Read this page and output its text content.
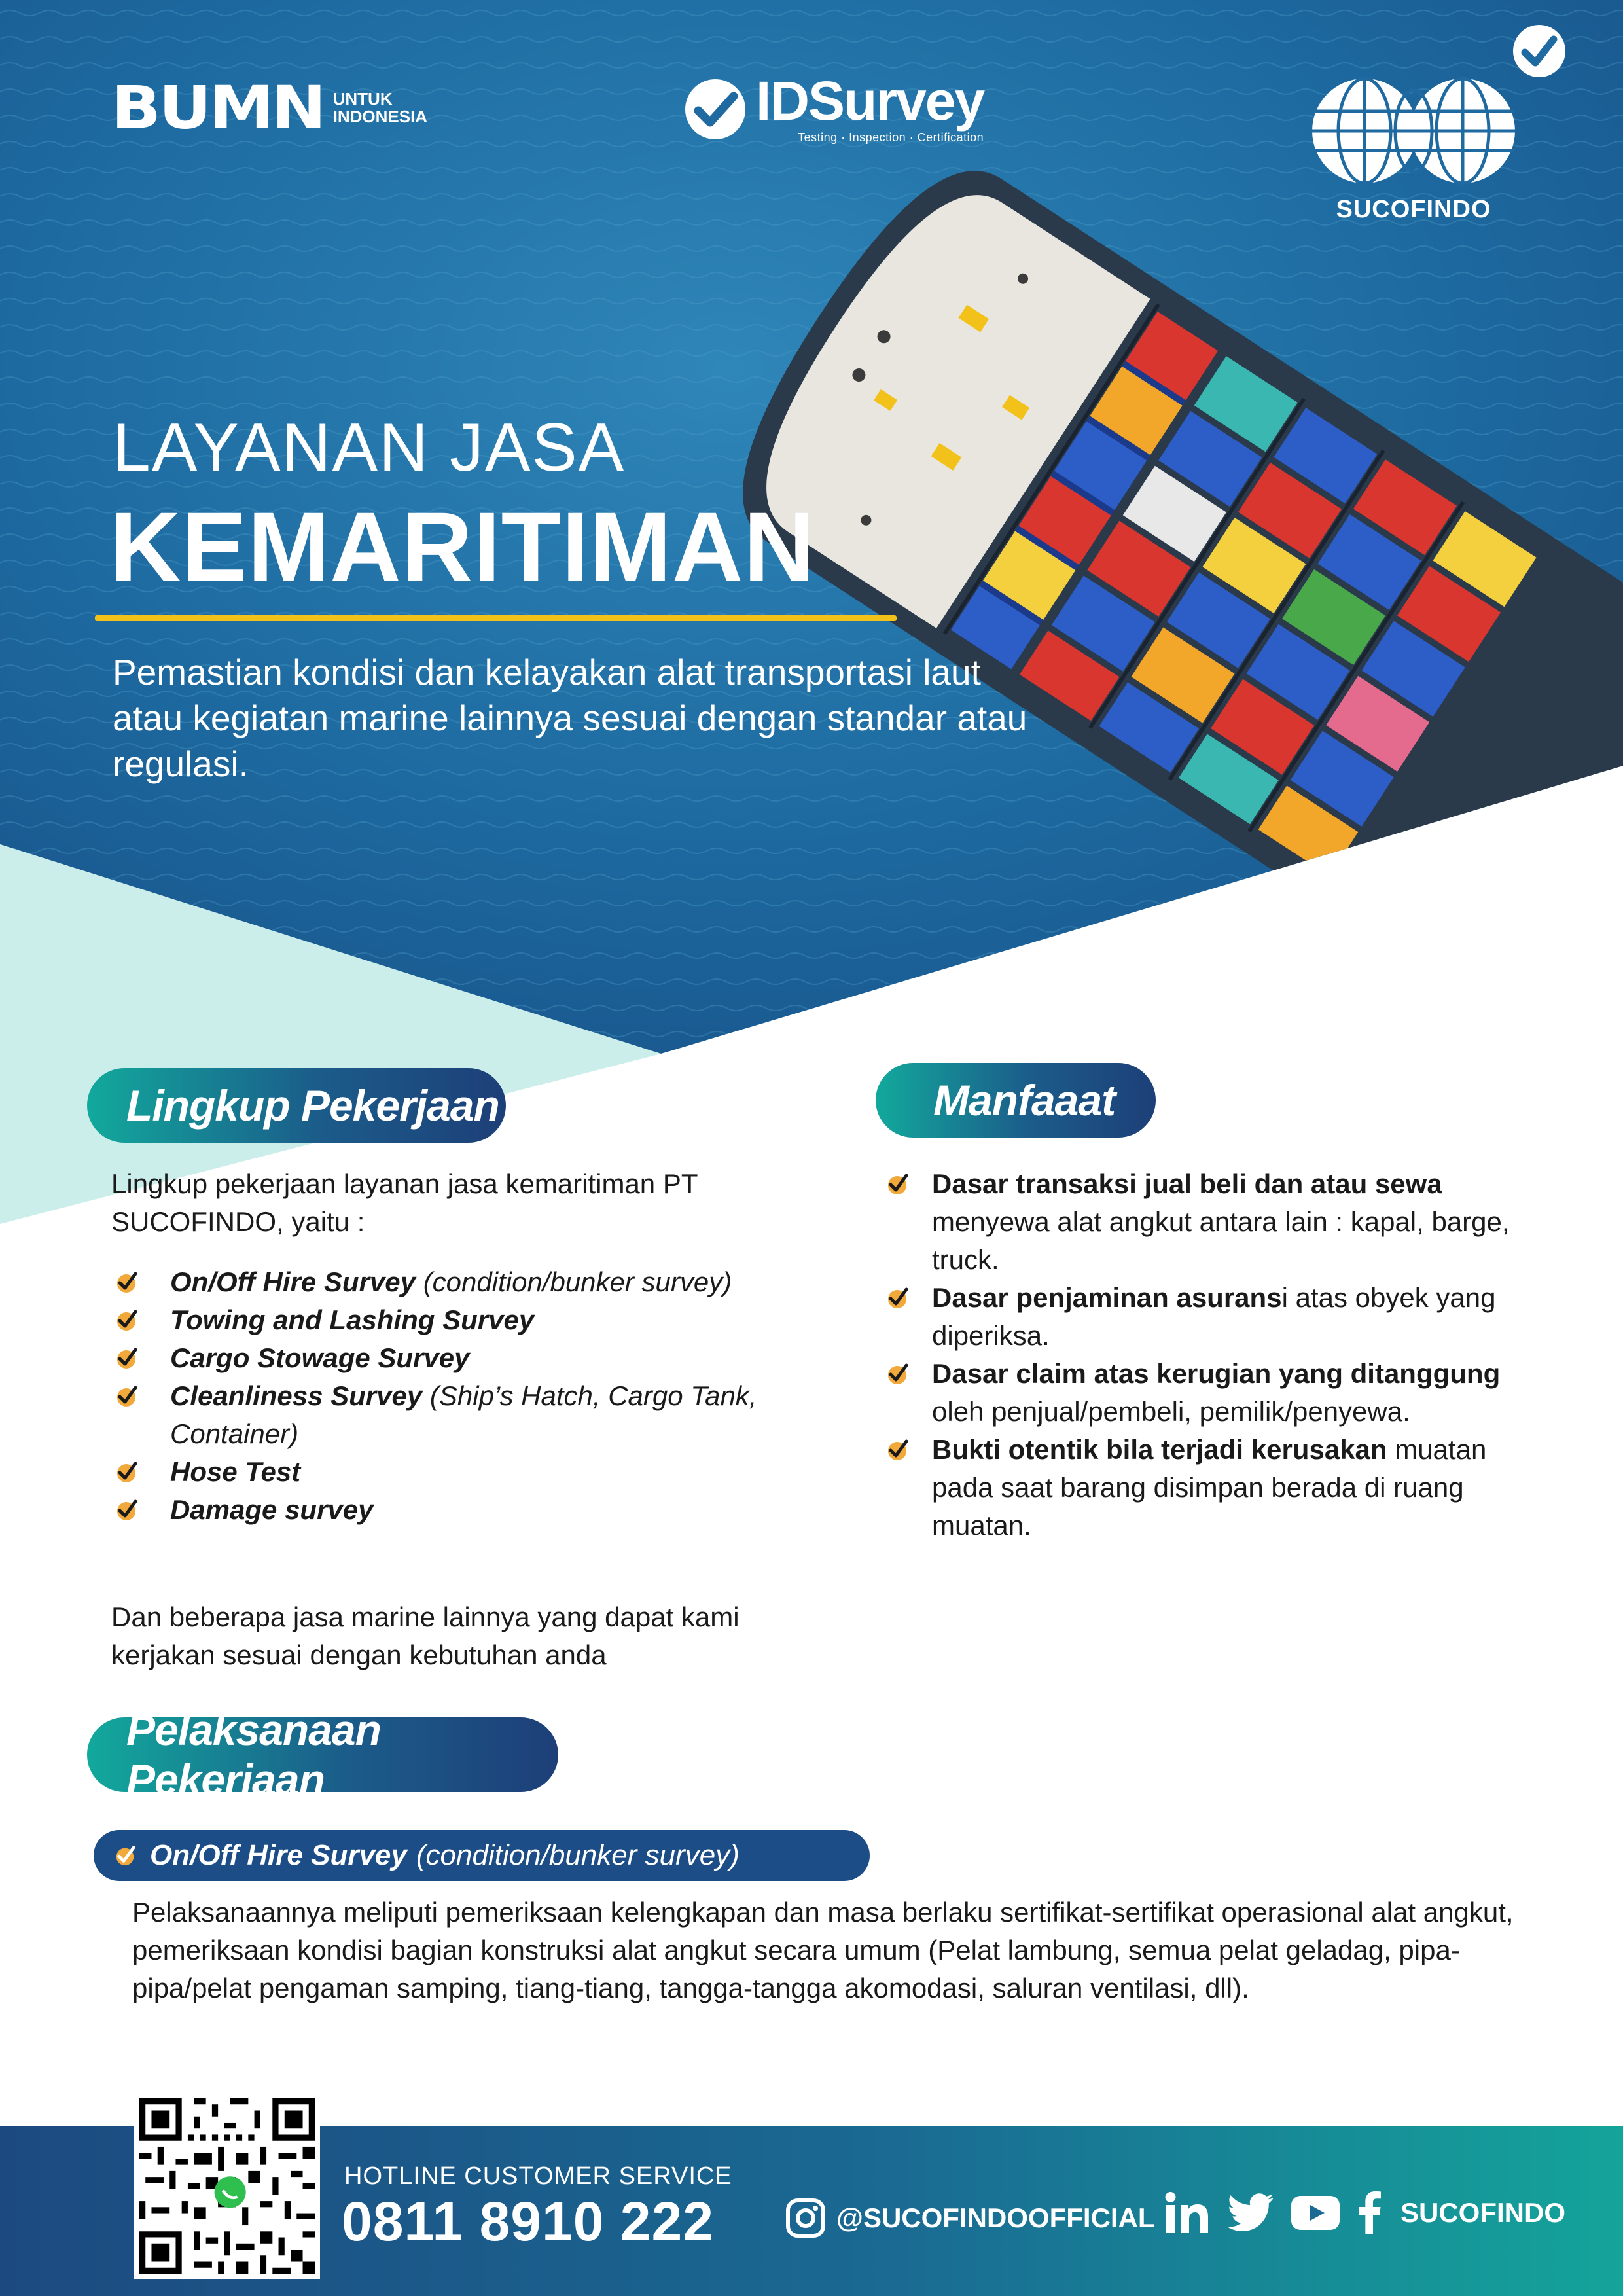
BUMN UNTUK
INDONESIA	IDSurvey
Testing · Inspection · Certification
SUCOFINDO
LAYANAN JASA
KEMARITIMAN
Pemastian kondisi dan kelayakan alat transportasi laut atau kegiatan marine lainnya sesuai dengan standar atau regulasi.
Lingkup Pekerjaan
Lingkup pekerjaan layanan jasa kemaritiman PT SUCOFINDO, yaitu :
On/Off Hire Survey (condition/bunker survey)
Towing and Lashing Survey
Cargo Stowage Survey
Cleanliness Survey (Ship’s Hatch, Cargo Tank, Container)
Hose Test
Damage survey
Dan beberapa jasa marine lainnya yang dapat kami kerjakan sesuai dengan kebutuhan anda
Manfaaat
Dasar transaksi jual beli dan atau sewa menyewa alat angkut antara lain : kapal, barge, truck.
Dasar penjaminan asuransi atas obyek yang diperiksa.
Dasar claim atas kerugian yang ditanggung oleh penjual/pembeli, pemilik/penyewa.
Bukti otentik bila terjadi kerusakan muatan pada saat barang disimpan berada di ruang muatan.
Pelaksanaan Pekerjaan
On/Off Hire Survey (condition/bunker survey)
Pelaksanaannya meliputi pemeriksaan kelengkapan dan masa berlaku sertifikat-sertifikat operasional alat angkut, pemeriksaan kondisi bagian konstruksi alat angkut secara umum (Pelat lambung, semua pelat geladag, pipa-pipa/pelat pengaman samping, tiang-tiang, tangga-tangga akomodasi, saluran ventilasi, dll).
HOTLINE CUSTOMER SERVICE
0811 8910 222	@SUCOFINDOOFFICIAL	SUCOFINDO
